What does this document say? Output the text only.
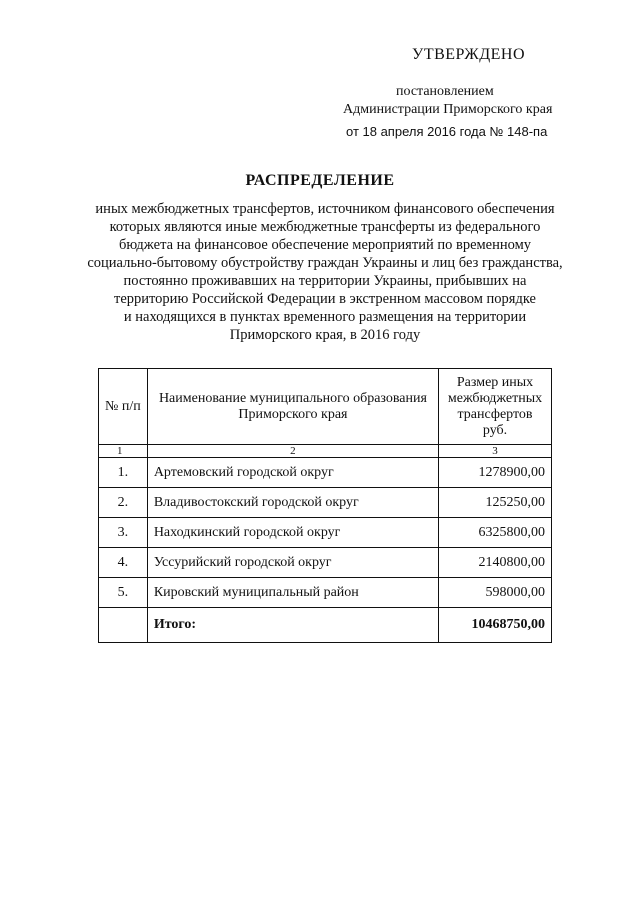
УТВЕРЖДЕНО
постановлением
Администрации Приморского края
от 18 апреля 2016 года № 148-па
РАСПРЕДЕЛЕНИЕ
иных межбюджетных трансфертов, источником финансового обеспечения
которых являются иные межбюджетные трансферты из федерального
бюджета на финансовое обеспечение мероприятий по временному
социально-бытовому обустройству граждан Украины и лиц без гражданства,
постоянно проживавших на территории Украины, прибывших на
территорию Российской Федерации в экстренном массовом порядке
и находящихся в пунктах временного размещения на территории
Приморского края, в 2016 году
№ п/п	Наименование муниципального образования Приморского края	Размер иных межбюджетных трансфертов руб.
1	2	3
1.	Артемовский городской округ	1278900,00
2.	Владивостокский городской округ	125250,00
3.	Находкинский городской округ	6325800,00
4.	Уссурийский городской округ	2140800,00
5.	Кировский муниципальный район	598000,00
	Итого:	10468750,00
